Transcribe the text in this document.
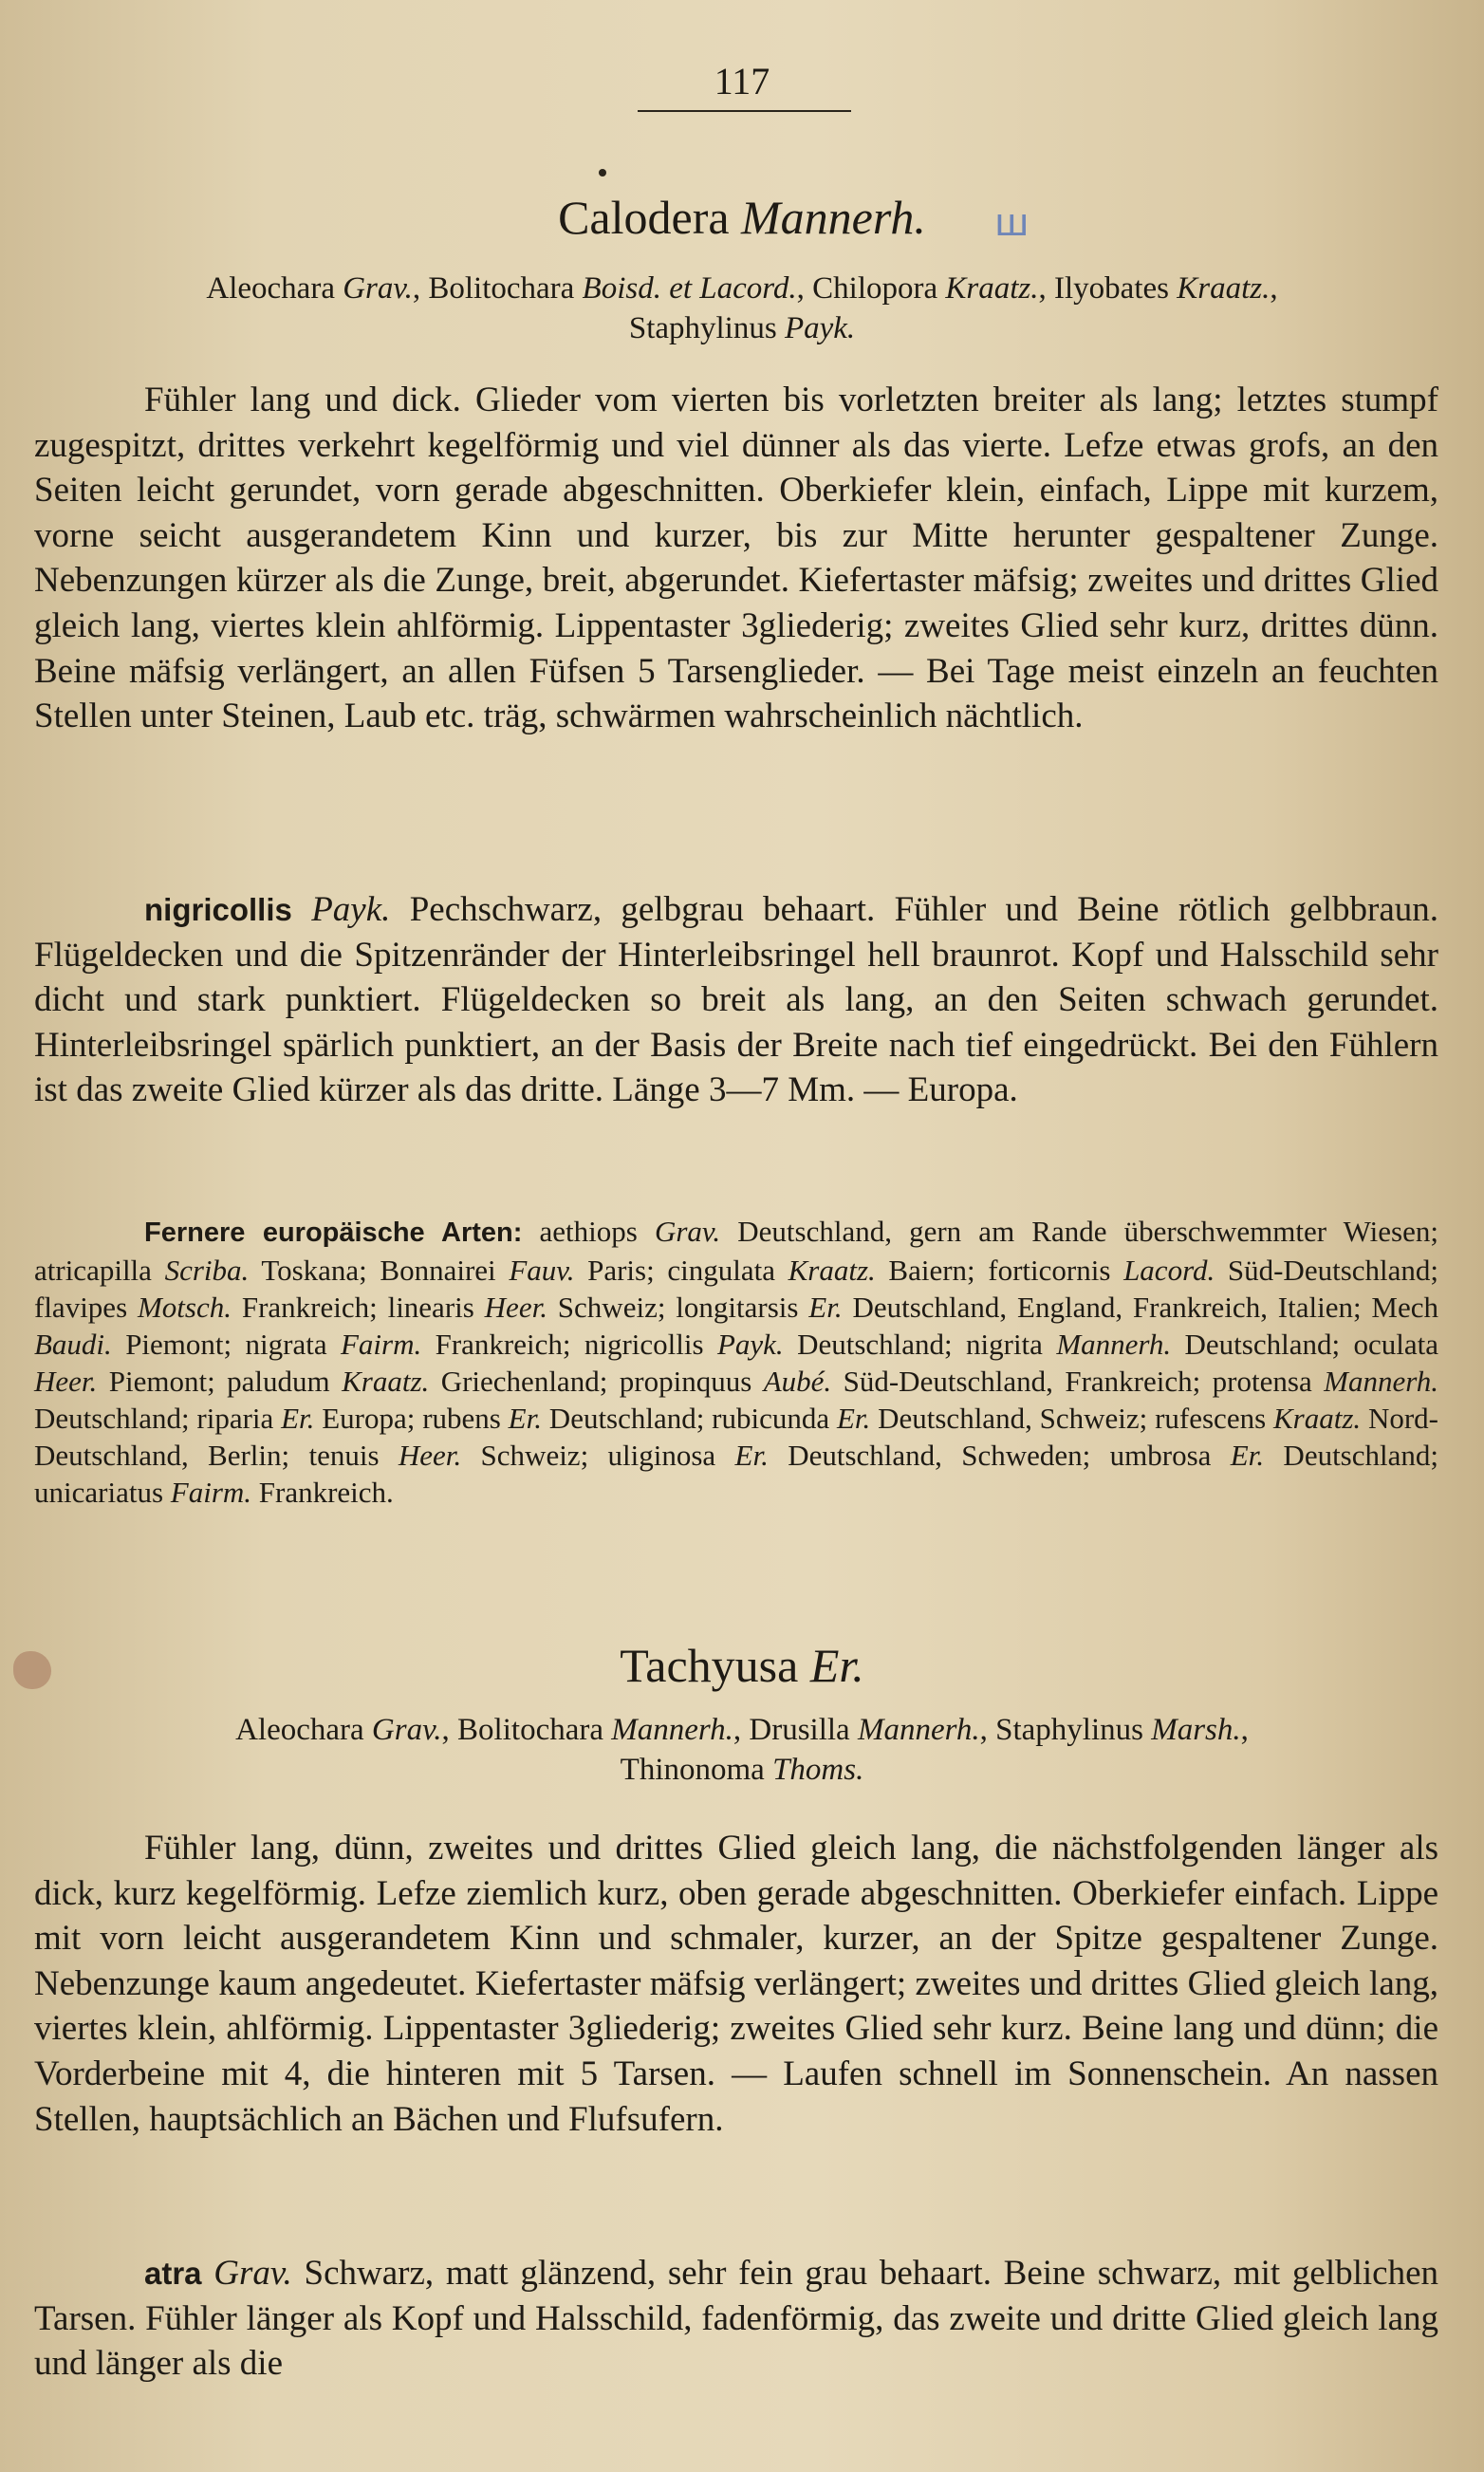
117
ꟺ
Calodera Mannerh.
Aleochara Grav., Bolitochara Boisd. et Lacord., Chilopora Kraatz., Ilyobates Kraatz.,
Staphylinus Payk.
Fühler lang und dick. Glieder vom vierten bis vorletzten breiter als lang; letztes stumpf zugespitzt, drittes verkehrt kegelförmig und viel dünner als das vierte. Lefze etwas grofs, an den Seiten leicht gerundet, vorn gerade abgeschnitten. Oberkiefer klein, einfach, Lippe mit kurzem, vorne seicht ausgerandetem Kinn und kurzer, bis zur Mitte herunter gespaltener Zunge. Nebenzungen kürzer als die Zunge, breit, abgerundet. Kiefertaster mäfsig; zweites und drittes Glied gleich lang, viertes klein ahlförmig. Lippentaster 3gliederig; zweites Glied sehr kurz, drittes dünn. Beine mäfsig verlängert, an allen Füfsen 5 Tarsenglieder. — Bei Tage meist einzeln an feuchten Stellen unter Steinen, Laub etc. träg, schwärmen wahrscheinlich nächtlich.
nigricollis Payk. Pechschwarz, gelbgrau behaart. Fühler und Beine rötlich gelbbraun. Flügeldecken und die Spitzenränder der Hinterleibsringel hell braunrot. Kopf und Halsschild sehr dicht und stark punktiert. Flügeldecken so breit als lang, an den Seiten schwach gerundet. Hinterleibsringel spärlich punktiert, an der Basis der Breite nach tief eingedrückt. Bei den Fühlern ist das zweite Glied kürzer als das dritte. Länge 3—7 Mm. — Europa.
Fernere europäische Arten: aethiops Grav. Deutschland, gern am Rande überschwemmter Wiesen; atricapilla Scriba. Toskana; Bonnairei Fauv. Paris; cingulata Kraatz. Baiern; forticornis Lacord. Süd-Deutschland; flavipes Motsch. Frankreich; linearis Heer. Schweiz; longitarsis Er. Deutschland, England, Frankreich, Italien; Mech Baudi. Piemont; nigrata Fairm. Frankreich; nigricollis Payk. Deutschland; nigrita Mannerh. Deutschland; oculata Heer. Piemont; paludum Kraatz. Griechenland; propinquus Aubé. Süd-Deutschland, Frankreich; protensa Mannerh. Deutschland; riparia Er. Europa; rubens Er. Deutschland; rubicunda Er. Deutschland, Schweiz; rufescens Kraatz. Nord-Deutschland, Berlin; tenuis Heer. Schweiz; uliginosa Er. Deutschland, Schweden; umbrosa Er. Deutschland; unicariatus Fairm. Frankreich.
Tachyusa Er.
Aleochara Grav., Bolitochara Mannerh., Drusilla Mannerh., Staphylinus Marsh.,
Thinonoma Thoms.
Fühler lang, dünn, zweites und drittes Glied gleich lang, die nächstfolgenden länger als dick, kurz kegelförmig. Lefze ziemlich kurz, oben gerade abgeschnitten. Oberkiefer einfach. Lippe mit vorn leicht ausgerandetem Kinn und schmaler, kurzer, an der Spitze gespaltener Zunge. Nebenzunge kaum angedeutet. Kiefertaster mäfsig verlängert; zweites und drittes Glied gleich lang, viertes klein, ahlförmig. Lippentaster 3gliederig; zweites Glied sehr kurz. Beine lang und dünn; die Vorderbeine mit 4, die hinteren mit 5 Tarsen. — Laufen schnell im Sonnenschein. An nassen Stellen, hauptsächlich an Bächen und Flufsufern.
atra Grav. Schwarz, matt glänzend, sehr fein grau behaart. Beine schwarz, mit gelblichen Tarsen. Fühler länger als Kopf und Halsschild, fadenförmig, das zweite und dritte Glied gleich lang und länger als die
